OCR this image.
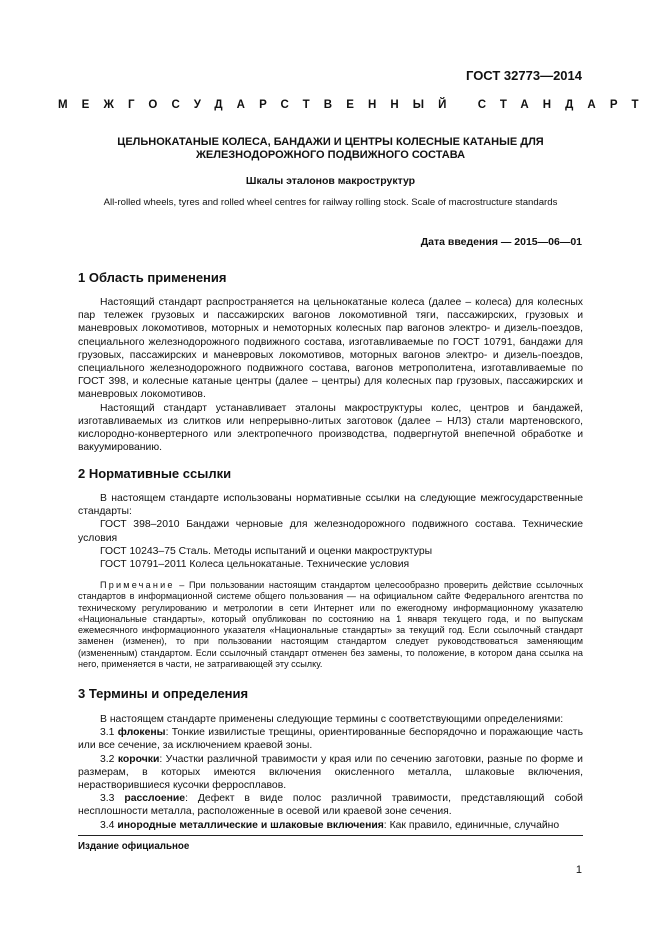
ГОСТ 32773—2014
МЕЖГОСУДАРСТВЕННЫЙ СТАНДАРТ
ЦЕЛЬНОКАТАНЫЕ КОЛЕСА, БАНДАЖИ И ЦЕНТРЫ КОЛЕСНЫЕ КАТАНЫЕ ДЛЯ
ЖЕЛЕЗНОДОРОЖНОГО ПОДВИЖНОГО СОСТАВА
Шкалы эталонов макроструктур
All-rolled wheels, tyres and rolled wheel centres for railway rolling stock. Scale of macrostructure standards
Дата введения — 2015—06—01
1 Область применения

Настоящий стандарт распространяется на цельнокатаные колеса (далее – колеса) для колесных пар тележек грузовых и пассажирских вагонов локомотивной тяги, пассажирских, грузовых и маневровых локомотивов, моторных и немоторных колесных пар вагонов электро- и дизель-поездов, специального железнодорожного подвижного состава, изготавливаемые по ГОСТ 10791, бандажи для грузовых, пассажирских и маневровых локомотивов, моторных вагонов электро- и дизель-поездов, специального железнодорожного подвижного состава, вагонов метрополитена, изготавливаемые по ГОСТ 398, и колесные катаные центры (далее – центры) для колесных пар грузовых, пассажирских и маневровых локомотивов.

Настоящий стандарт устанавливает эталоны макроструктуры колес, центров и бандажей, изготавливаемых из слитков или непрерывно-литых заготовок (далее – НЛЗ) стали мартеновского, кислородно-конвертерного или электропечного производства, подвергнутой внепечной обработке и вакуумированию.

2 Нормативные ссылки

В настоящем стандарте использованы нормативные ссылки на следующие межгосударственные стандарты:

ГОСТ 398–2010 Бандажи черновые для железнодорожного подвижного состава. Технические условия

ГОСТ 10243–75 Сталь. Методы испытаний и оценки макроструктуры

ГОСТ 10791–2011 Колеса цельнокатаные. Технические условия

Примечание – При пользовании настоящим стандартом целесообразно проверить действие ссылочных стандартов в информационной системе общего пользования — на официальном сайте Федерального агентства по техническому регулированию и метрологии в сети Интернет или по ежегодному информационному указателю «Национальные стандарты», который опубликован по состоянию на 1 января текущего года, и по выпускам ежемесячного информационного указателя «Национальные стандарты» за текущий год. Если ссылочный стандарт заменен (изменен), то при пользовании настоящим стандартом следует руководствоваться заменяющим (измененным) стандартом. Если ссылочный стандарт отменен без замены, то положение, в котором дана ссылка на него, применяется в части, не затрагивающей эту ссылку.

3 Термины и определения

В настоящем стандарте применены следующие термины с соответствующими определениями:

3.1 флокены: Тонкие извилистые трещины, ориентированные беспорядочно и поражающие часть или все сечение, за исключением краевой зоны.

3.2 корочки: Участки различной травимости у края или по сечению заготовки, разные по форме и размерам, в которых имеются включения окисленного металла, шлаковые включения, нерастворившиеся кусочки ферросплавов.

3.3 расслоение: Дефект в виде полос различной травимости, представляющий собой несплошности металла, расположенные в осевой или краевой зоне сечения.

3.4 инородные металлические и шлаковые включения: Как правило, единичные, случайно

Издание официальное
1
